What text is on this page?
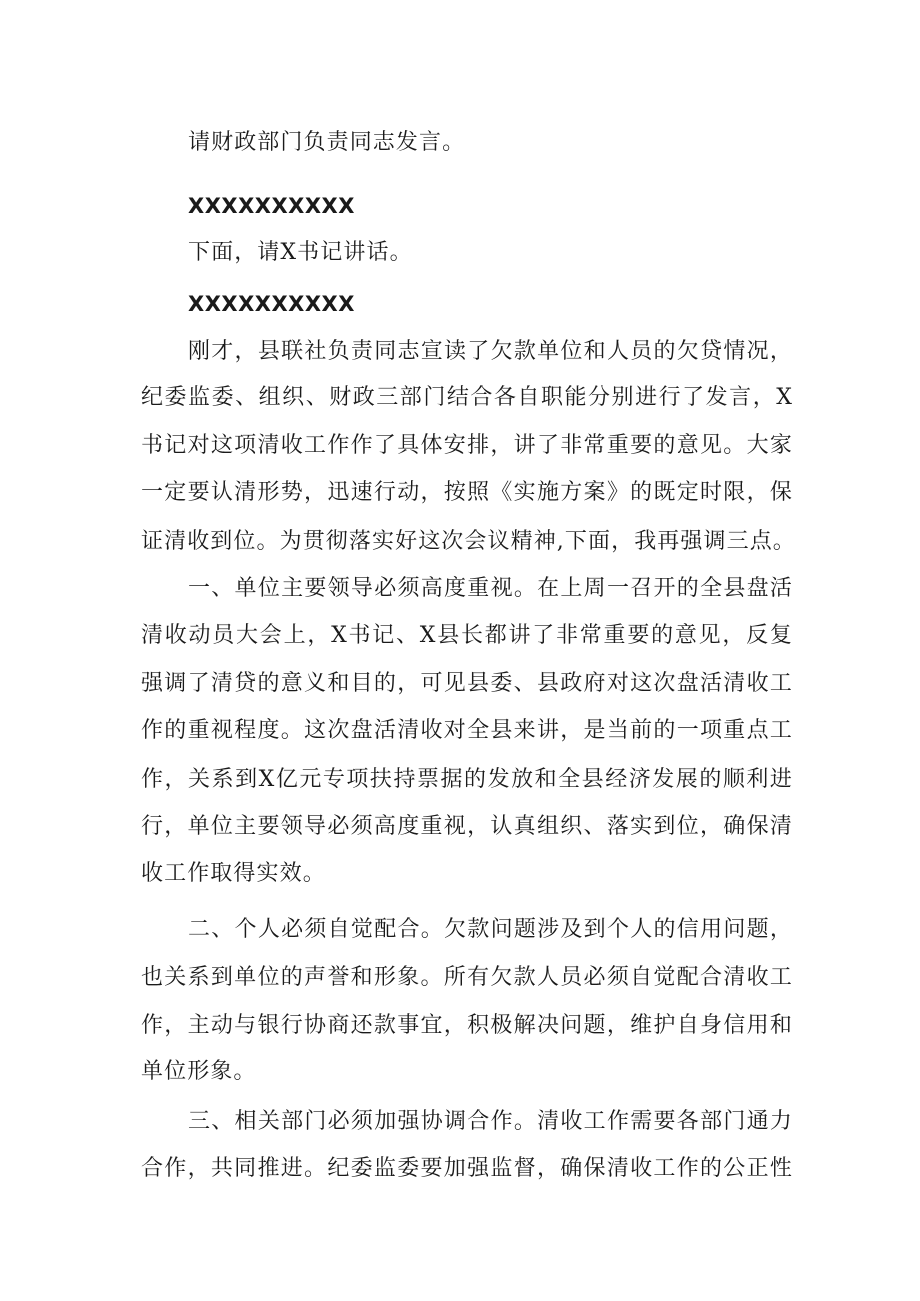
请财政部门负责同志发言。
XXXXXXXXXX
下面，请X书记讲话。
XXXXXXXXXX
刚才，县联社负责同志宣读了欠款单位和人员的欠贷情况，
纪委监委、组织、财政三部门结合各自职能分别进行了发言，X
书记对这项清收工作作了具体安排，讲了非常重要的意见。大家
一定要认清形势，迅速行动，按照《实施方案》的既定时限，保
证清收到位。为贯彻落实好这次会议精神,下面，我再强调三点。
一、单位主要领导必须高度重视。在上周一召开的全县盘活
清收动员大会上，X书记、X县长都讲了非常重要的意见，反复
强调了清贷的意义和目的，可见县委、县政府对这次盘活清收工
作的重视程度。这次盘活清收对全县来讲，是当前的一项重点工
作，关系到X亿元专项扶持票据的发放和全县经济发展的顺利进
行，单位主要领导必须高度重视，认真组织、落实到位，确保清
收工作取得实效。
二、个人必须自觉配合。欠款问题涉及到个人的信用问题，
也关系到单位的声誉和形象。所有欠款人员必须自觉配合清收工
作，主动与银行协商还款事宜，积极解决问题，维护自身信用和
单位形象。
三、相关部门必须加强协调合作。清收工作需要各部门通力
合作，共同推进。纪委监委要加强监督，确保清收工作的公正性
